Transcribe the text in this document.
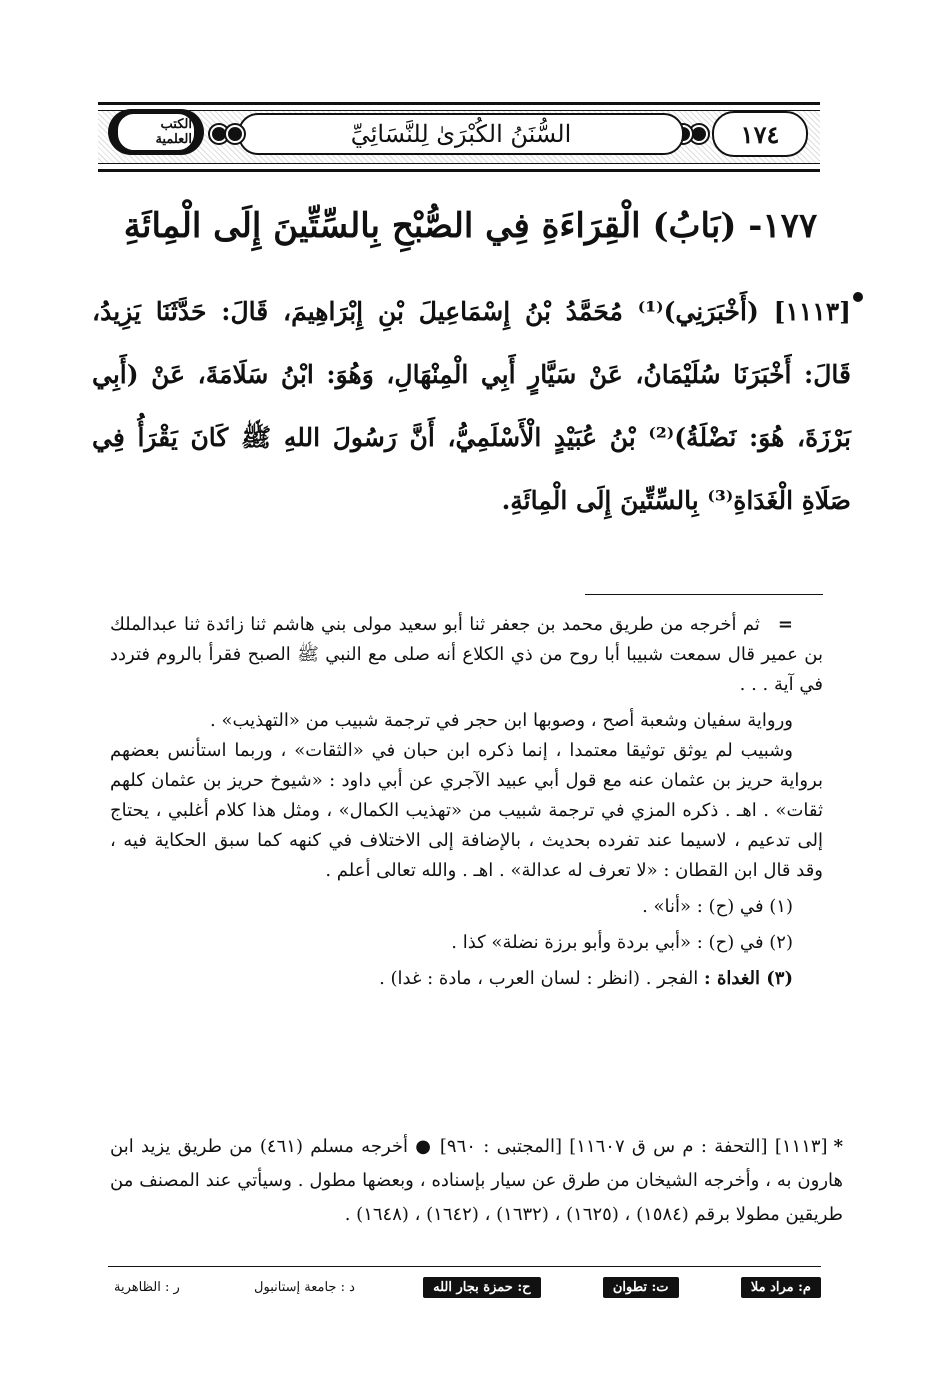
١٧٤
السُّنَنُ الكُبْرَىٰ لِلنَّسَائِيِّ
الكتب العلمية
١٧٧- (بَابُ) الْقِرَاءَةِ فِي الصُّبْحِ بِالسِّتِّينَ إِلَى الْمِائَةِ
[١١١٣] (أَخْبَرَنِي)⁽¹⁾ مُحَمَّدُ بْنُ إِسْمَاعِيلَ بْنِ إِبْرَاهِيمَ، قَالَ: حَدَّثَنَا يَزِيدُ، قَالَ: أَخْبَرَنَا سُلَيْمَانُ، عَنْ سَيَّارٍ أَبِي الْمِنْهَالِ، وَهُوَ: ابْنُ سَلَامَةَ، عَنْ (أَبِي بَرْزَةَ، هُوَ: نَضْلَةُ)⁽²⁾ بْنُ عُبَيْدٍ الْأَسْلَمِيُّ، أَنَّ رَسُولَ اللهِ ﷺ كَانَ يَقْرَأُ فِي صَلَاةِ الْغَدَاةِ⁽³⁾ بِالسِّتِّينَ إِلَى الْمِائَةِ.

=ثم أخرجه من طريق محمد بن جعفر ثنا أبو سعيد مولى بني هاشم ثنا زائدة ثنا عبدالملك بن عمير قال سمعت شبيبا أبا روح من ذي الكلاع أنه صلى مع النبي ﷺ الصبح فقرأ بالروم فتردد في آية . . .

ورواية سفيان وشعبة أصح ، وصوبها ابن حجر في ترجمة شبيب من «التهذيب» .

وشبيب لم يوثق توثيقا معتمدا ، إنما ذكره ابن حبان في «الثقات» ، وربما استأنس بعضهم برواية حريز بن عثمان عنه مع قول أبي عبيد الآجري عن أبي داود : «شيوخ حريز بن عثمان كلهم ثقات» . اهـ . ذكره المزي في ترجمة شبيب من «تهذيب الكمال» ، ومثل هذا كلام أغلبي ، يحتاج إلى تدعيم ، لاسيما عند تفرده بحديث ، بالإضافة إلى الاختلاف في كنهه كما سبق الحكاية فيه ، وقد قال ابن القطان : «لا تعرف له عدالة» . اهـ . والله تعالى أعلم .

(١) في (ح) : «أنا» .

(٢) في (ح) : «أبي بردة وأبو برزة نضلة» كذا .

(٣) الغداة : الفجر . (انظر : لسان العرب ، مادة : غدا) .

*[١١١٣] [التحفة : م س ق ١١٦٠٧] [المجتبى : ٩٦٠] ● أخرجه مسلم (٤٦١) من طريق يزيد ابن هارون به ، وأخرجه الشيخان من طرق عن سيار بإسناده ، وبعضها مطول . وسيأتي عند المصنف من طريقين مطولا برقم (١٥٨٤) ، (١٦٢٥) ، (١٦٣٢) ، (١٦٤٢) ، (١٦٤٨) .
م: مراد ملا
ت: تطوان
ح: حمزة بجار الله
د : جامعة إستانبول
ر : الظاهرية
